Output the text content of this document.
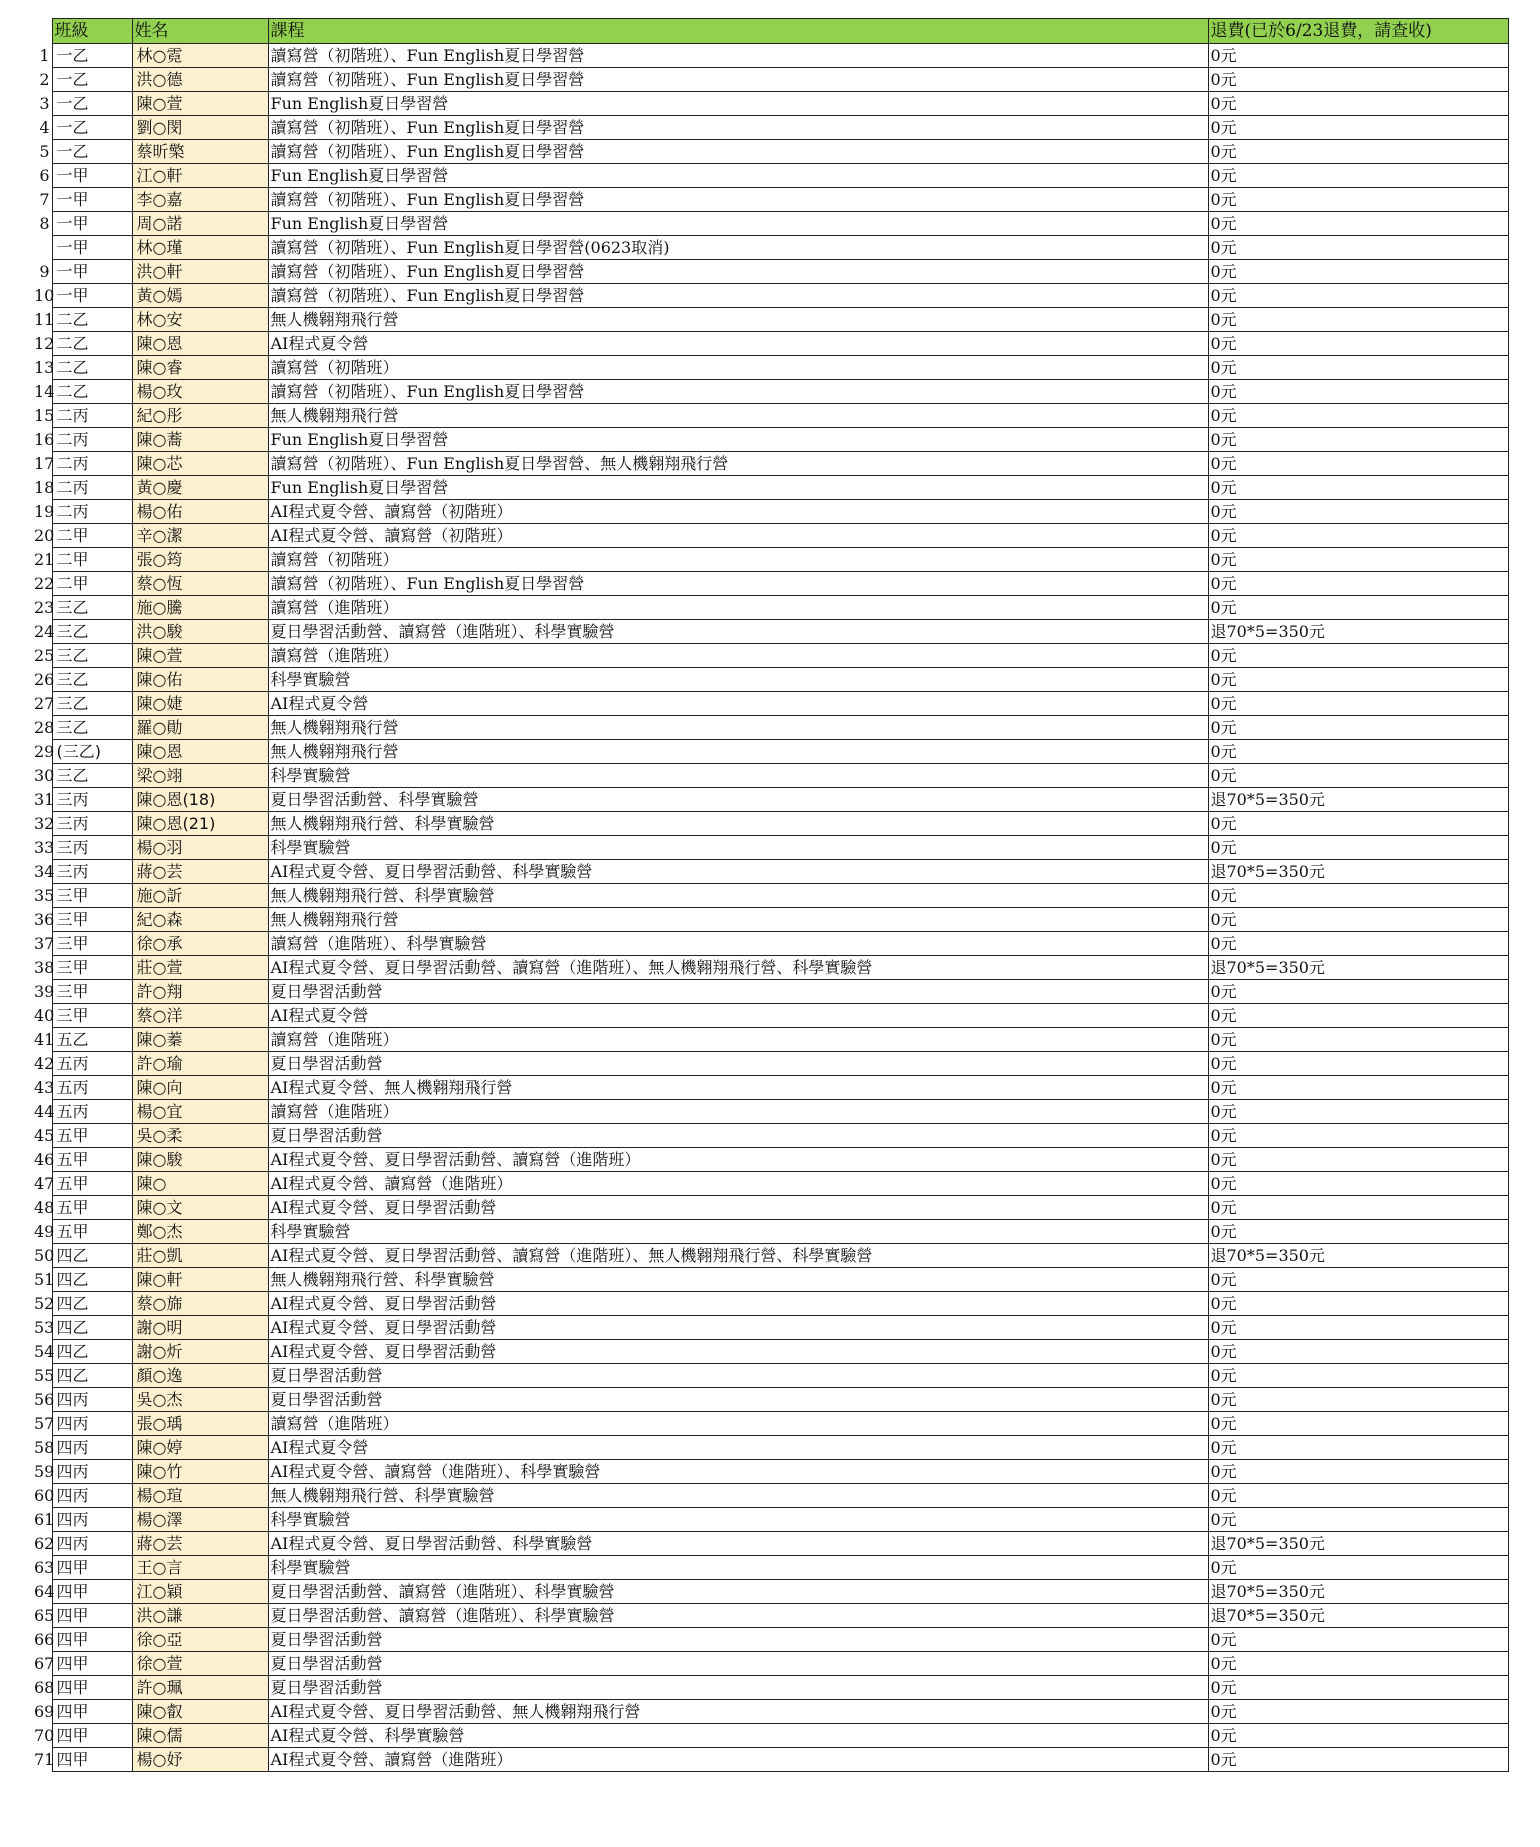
	班級	姓名	課程	退費(已於6/23退費，請查收)
1	一乙	林○霓	讀寫營（初階班）、Fun English夏日學習營	0元
2	一乙	洪○德	讀寫營（初階班）、Fun English夏日學習營	0元
3	一乙	陳○萱	Fun English夏日學習營	0元
4	一乙	劉○閔	讀寫營（初階班）、Fun English夏日學習營	0元
5	一乙	蔡昕檠	讀寫營（初階班）、Fun English夏日學習營	0元
6	一甲	江○軒	Fun English夏日學習營	0元
7	一甲	李○嘉	讀寫營（初階班）、Fun English夏日學習營	0元
8	一甲	周○諾	Fun English夏日學習營	0元
	一甲	林○瑾	讀寫營（初階班）、Fun English夏日學習營(0623取消)	0元
9	一甲	洪○軒	讀寫營（初階班）、Fun English夏日學習營	0元
10	一甲	黃○嫣	讀寫營（初階班）、Fun English夏日學習營	0元
11	二乙	林○安	無人機翱翔飛行營	0元
12	二乙	陳○恩	AI程式夏令營	0元
13	二乙	陳○睿	讀寫營（初階班）	0元
14	二乙	楊○玫	讀寫營（初階班）、Fun English夏日學習營	0元
15	二丙	紀○彤	無人機翱翔飛行營	0元
16	二丙	陳○蕎	Fun English夏日學習營	0元
17	二丙	陳○芯	讀寫營（初階班）、Fun English夏日學習營、無人機翱翔飛行營	0元
18	二丙	黃○慶	Fun English夏日學習營	0元
19	二丙	楊○佑	AI程式夏令營、讀寫營（初階班）	0元
20	二甲	辛○潔	AI程式夏令營、讀寫營（初階班）	0元
21	二甲	張○筠	讀寫營（初階班）	0元
22	二甲	蔡○恆	讀寫營（初階班）、Fun English夏日學習營	0元
23	三乙	施○騰	讀寫營（進階班）	0元
24	三乙	洪○駿	夏日學習活動營、讀寫營（進階班）、科學實驗營	退70*5=350元
25	三乙	陳○萱	讀寫營（進階班）	0元
26	三乙	陳○佑	科學實驗營	0元
27	三乙	陳○婕	AI程式夏令營	0元
28	三乙	羅○勛	無人機翱翔飛行營	0元
29	(三乙)	陳○恩	無人機翱翔飛行營	0元
30	三乙	梁○翊	科學實驗營	0元
31	三丙	陳○恩(18)	夏日學習活動營、科學實驗營	退70*5=350元
32	三丙	陳○恩(21)	無人機翱翔飛行營、科學實驗營	0元
33	三丙	楊○羽	科學實驗營	0元
34	三丙	蔣○芸	AI程式夏令營、夏日學習活動營、科學實驗營	退70*5=350元
35	三甲	施○訢	無人機翱翔飛行營、科學實驗營	0元
36	三甲	紀○森	無人機翱翔飛行營	0元
37	三甲	徐○承	讀寫營（進階班）、科學實驗營	0元
38	三甲	莊○萱	AI程式夏令營、夏日學習活動營、讀寫營（進階班）、無人機翱翔飛行營、科學實驗營	退70*5=350元
39	三甲	許○翔	夏日學習活動營	0元
40	三甲	蔡○洋	AI程式夏令營	0元
41	五乙	陳○蓁	讀寫營（進階班）	0元
42	五丙	許○瑜	夏日學習活動營	0元
43	五丙	陳○向	AI程式夏令營、無人機翱翔飛行營	0元
44	五丙	楊○宜	讀寫營（進階班）	0元
45	五甲	吳○柔	夏日學習活動營	0元
46	五甲	陳○駿	AI程式夏令營、夏日學習活動營、讀寫營（進階班）	0元
47	五甲	陳○	AI程式夏令營、讀寫營（進階班）	0元
48	五甲	陳○文	AI程式夏令營、夏日學習活動營	0元
49	五甲	鄭○杰	科學實驗營	0元
50	四乙	莊○凱	AI程式夏令營、夏日學習活動營、讀寫營（進階班）、無人機翱翔飛行營、科學實驗營	退70*5=350元
51	四乙	陳○軒	無人機翱翔飛行營、科學實驗營	0元
52	四乙	蔡○旆	AI程式夏令營、夏日學習活動營	0元
53	四乙	謝○明	AI程式夏令營、夏日學習活動營	0元
54	四乙	謝○炘	AI程式夏令營、夏日學習活動營	0元
55	四乙	顏○逸	夏日學習活動營	0元
56	四丙	吳○杰	夏日學習活動營	0元
57	四丙	張○瑀	讀寫營（進階班）	0元
58	四丙	陳○婷	AI程式夏令營	0元
59	四丙	陳○竹	AI程式夏令營、讀寫營（進階班）、科學實驗營	0元
60	四丙	楊○瑄	無人機翱翔飛行營、科學實驗營	0元
61	四丙	楊○澤	科學實驗營	0元
62	四丙	蔣○芸	AI程式夏令營、夏日學習活動營、科學實驗營	退70*5=350元
63	四甲	王○言	科學實驗營	0元
64	四甲	江○穎	夏日學習活動營、讀寫營（進階班）、科學實驗營	退70*5=350元
65	四甲	洪○謙	夏日學習活動營、讀寫營（進階班）、科學實驗營	退70*5=350元
66	四甲	徐○亞	夏日學習活動營	0元
67	四甲	徐○萱	夏日學習活動營	0元
68	四甲	許○珮	夏日學習活動營	0元
69	四甲	陳○叡	AI程式夏令營、夏日學習活動營、無人機翱翔飛行營	0元
70	四甲	陳○儒	AI程式夏令營、科學實驗營	0元
71	四甲	楊○妤	AI程式夏令營、讀寫營（進階班）	0元
